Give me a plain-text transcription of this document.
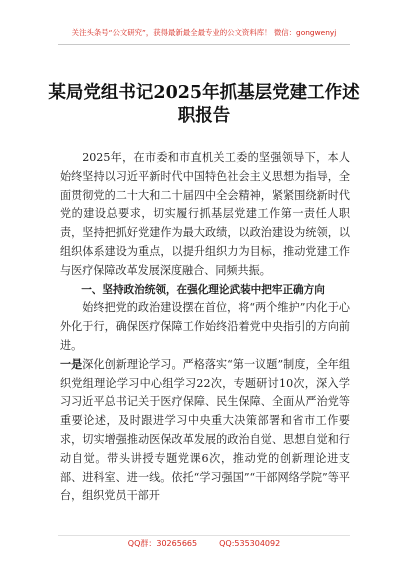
关注头条号“公文研究”，获得最新最全最专业的公文资料库！ 微信：gongwenyj
某局党组书记2025年抓基层党建工作述
职报告

2025年，在市委和市直机关工委的坚强领导下，本人始终坚持以习近平新时代中国特色社会主义思想为指导，全面贯彻党的二十大和二十届四中全会精神，紧紧围绕新时代党的建设总要求，切实履行抓基层党建工作第一责任人职责，坚持把抓好党建作为最大政绩，以政治建设为统领，以组织体系建设为重点，以提升组织力为目标，推动党建工作与医疗保障改革发展深度融合、同频共振。

一、坚持政治统领，在强化理论武装中把牢正确方向

始终把党的政治建设摆在首位，将“两个维护”内化于心外化于行，确保医疗保障工作始终沿着党中央指引的方向前进。

一是深化创新理论学习。严格落实“第一议题”制度，全年组织党组理论学习中心组学习22次，专题研讨10次，深入学习习近平总书记关于医疗保障、民生保障、全面从严治党等重要论述，及时跟进学习中央重大决策部署和省市工作要求，切实增强推动医保改革发展的政治自觉、思想自觉和行动自觉。带头讲授专题党课6次，推动党的创新理论进支部、进科室、进一线。依托“学习强国”“干部网络学院”等平台，组织党员干部开

QQ群：30265665	QQ:535304092
